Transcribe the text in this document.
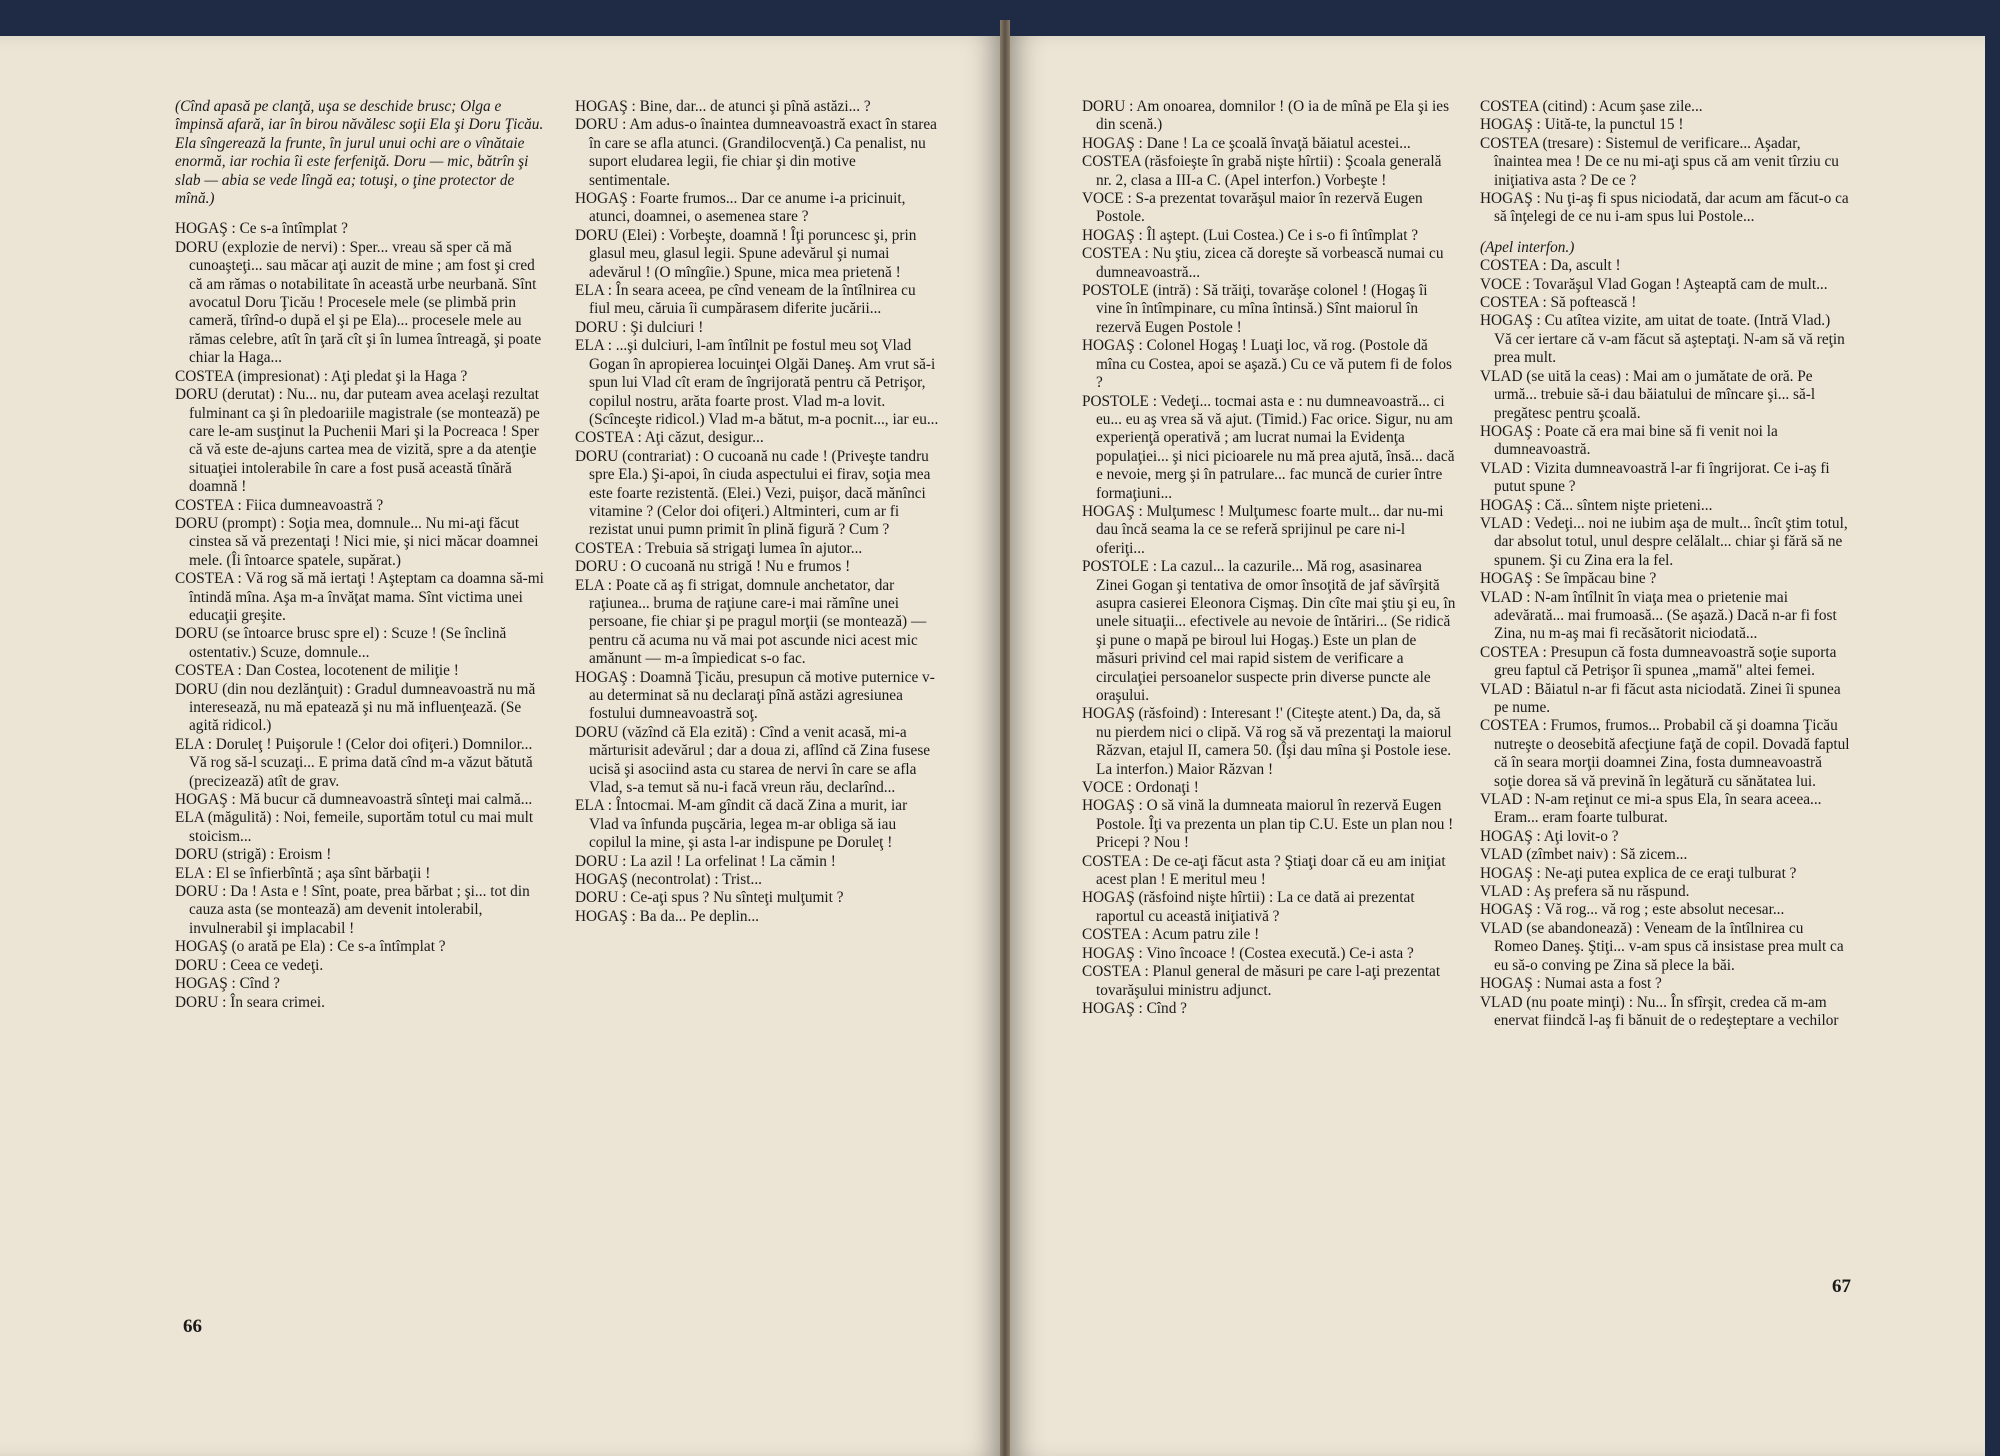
(Cînd apasă pe clanţă, uşa se deschide brusc; Olga e împinsă afară, iar în birou năvălesc soţii Ela şi Doru Ţicău. Ela sîngerează la frunte, în jurul unui ochi are o vînătaie enormă, iar rochia îi este ferfeniţă. Doru — mic, bătrîn şi slab — abia se vede lîngă ea; totuşi, o ţine protector de mînă.)

HOGAŞ : Ce s-a întîmplat ?

DORU (explozie de nervi) : Sper... vreau să sper că mă cunoaşteţi... sau măcar aţi auzit de mine ; am fost şi cred că am rămas o notabilitate în această urbe neurbană. Sînt avocatul Doru Ţicău ! Procesele mele (se plimbă prin cameră, tîrînd-o după el şi pe Ela)... procesele mele au rămas celebre, atît în ţară cît şi în lumea întreagă, şi poate chiar la Haga...

COSTEA (impresionat) : Aţi pledat şi la Haga ?

DORU (derutat) : Nu... nu, dar puteam avea acelaşi rezultat fulminant ca şi în pledoariile magistrale (se montează) pe care le-am susţinut la Puchenii Mari şi la Pocreaca ! Sper că vă este de-ajuns cartea mea de vizită, spre a da atenţie situaţiei intolerabile în care a fost pusă această tînără doamnă !

COSTEA : Fiica dumneavoastră ?

DORU (prompt) : Soţia mea, domnule... Nu mi-aţi făcut cinstea să vă prezentaţi ! Nici mie, şi nici măcar doamnei mele. (Îi întoarce spatele, supărat.)

COSTEA : Vă rog să mă iertaţi ! Aşteptam ca doamna să-mi întindă mîna. Aşa m-a învăţat mama. Sînt victima unei educaţii greşite.

DORU (se întoarce brusc spre el) : Scuze ! (Se înclină ostentativ.) Scuze, domnule...

COSTEA : Dan Costea, locotenent de miliţie !

DORU (din nou dezlănţuit) : Gradul dumneavoastră nu mă interesează, nu mă epatează şi nu mă influenţează. (Se agită ridicol.)

ELA : Doruleţ ! Puişorule ! (Celor doi ofiţeri.) Domnilor... Vă rog să-l scuzaţi... E prima dată cînd m-a văzut bătută (precizează) atît de grav.

HOGAŞ : Mă bucur că dumneavoastră sînteţi mai calmă...

ELA (măgulită) : Noi, femeile, suportăm totul cu mai mult stoicism...

DORU (strigă) : Eroism !

ELA : El se înfierbîntă ; aşa sînt bărbaţii !

DORU : Da ! Asta e ! Sînt, poate, prea bărbat ; şi... tot din cauza asta (se montează) am devenit intolerabil, invulnerabil şi implacabil !

HOGAŞ (o arată pe Ela) : Ce s-a întîmplat ?

DORU : Ceea ce vedeţi.

HOGAŞ : Cînd ?

DORU : În seara crimei.

HOGAŞ : Bine, dar... de atunci şi pînă astăzi... ?

DORU : Am adus-o înaintea dumneavoastră exact în starea în care se afla atunci. (Grandilocvenţă.) Ca penalist, nu suport eludarea legii, fie chiar şi din motive sentimentale.

HOGAŞ : Foarte frumos... Dar ce anume i-a pricinuit, atunci, doamnei, o asemenea stare ?

DORU (Elei) : Vorbeşte, doamnă ! Îţi poruncesc şi, prin glasul meu, glasul legii. Spune adevărul şi numai adevărul ! (O mîngîie.) Spune, mica mea prietenă !

ELA : În seara aceea, pe cînd veneam de la întîlnirea cu fiul meu, căruia îi cumpărasem diferite jucării...

DORU : Şi dulciuri !

ELA : ...şi dulciuri, l-am întîlnit pe fostul meu soţ Vlad Gogan în apropierea locuinţei Olgăi Daneş. Am vrut să-i spun lui Vlad cît eram de îngrijorată pentru că Petrişor, copilul nostru, arăta foarte prost. Vlad m-a lovit. (Scînceşte ridicol.) Vlad m-a bătut, m-a pocnit..., iar eu...

COSTEA : Aţi căzut, desigur...

DORU (contrariat) : O cucoană nu cade ! (Priveşte tandru spre Ela.) Şi-apoi, în ciuda aspectului ei firav, soţia mea este foarte rezistentă. (Elei.) Vezi, puişor, dacă mănînci vitamine ? (Celor doi ofiţeri.) Altminteri, cum ar fi rezistat unui pumn primit în plină figură ? Cum ?

COSTEA : Trebuia să strigaţi lumea în ajutor...

DORU : O cucoană nu strigă ! Nu e frumos !

ELA : Poate că aş fi strigat, domnule anchetator, dar raţiunea... bruma de raţiune care-i mai rămîne unei persoane, fie chiar şi pe pragul morţii (se montează) — pentru că acuma nu vă mai pot ascunde nici acest mic amănunt — m-a împiedicat s-o fac.

HOGAŞ : Doamnă Ţicău, presupun că motive puternice v-au determinat să nu declaraţi pînă astăzi agresiunea fostului dumneavoastră soţ.

DORU (văzînd că Ela ezită) : Cînd a venit acasă, mi-a mărturisit adevărul ; dar a doua zi, aflînd că Zina fusese ucisă şi asociind asta cu starea de nervi în care se afla Vlad, s-a temut să nu-i facă vreun rău, declarînd...

ELA : Întocmai. M-am gîndit că dacă Zina a murit, iar Vlad va înfunda puşcăria, legea m-ar obliga să iau copilul la mine, şi asta l-ar indispune pe Doruleţ !

DORU : La azil ! La orfelinat ! La cămin !

HOGAŞ (necontrolat) : Trist...

DORU : Ce-aţi spus ? Nu sînteţi mulţumit ?

HOGAŞ : Ba da... Pe deplin...

66

DORU : Am onoarea, domnilor ! (O ia de mînă pe Ela şi ies din scenă.)

HOGAŞ : Dane ! La ce şcoală învaţă băiatul acestei...

COSTEA (răsfoieşte în grabă nişte hîrtii) : Şcoala generală nr. 2, clasa a III-a C. (Apel interfon.) Vorbeşte !

VOCE : S-a prezentat tovarăşul maior în rezervă Eugen Postole.

HOGAŞ : Îl aştept. (Lui Costea.) Ce i s-o fi întîmplat ?

COSTEA : Nu ştiu, zicea că doreşte să vorbească numai cu dumneavoastră...

POSTOLE (intră) : Să trăiţi, tovarăşe colonel ! (Hogaş îi vine în întîmpinare, cu mîna întinsă.) Sînt maiorul în rezervă Eugen Postole !

HOGAŞ : Colonel Hogaş ! Luaţi loc, vă rog. (Postole dă mîna cu Costea, apoi se aşază.) Cu ce vă putem fi de folos ?

POSTOLE : Vedeţi... tocmai asta e : nu dumneavoastră... ci eu... eu aş vrea să vă ajut. (Timid.) Fac orice. Sigur, nu am experienţă operativă ; am lucrat numai la Evidenţa populaţiei... şi nici picioarele nu mă prea ajută, însă... dacă e nevoie, merg şi în patrulare... fac muncă de curier între formaţiuni...

HOGAŞ : Mulţumesc ! Mulţumesc foarte mult... dar nu-mi dau încă seama la ce se referă sprijinul pe care ni-l oferiţi...

POSTOLE : La cazul... la cazurile... Mă rog, asasinarea Zinei Gogan şi tentativa de omor însoţită de jaf săvîrşită asupra casierei Eleonora Cişmaş. Din cîte mai ştiu şi eu, în unele situaţii... efectivele au nevoie de întăriri... (Se ridică şi pune o mapă pe biroul lui Hogaş.) Este un plan de măsuri privind cel mai rapid sistem de verificare a circulaţiei persoanelor suspecte prin diverse puncte ale oraşului.

HOGAŞ (răsfoind) : Interesant !' (Citeşte atent.) Da, da, să nu pierdem nici o clipă. Vă rog să vă prezentaţi la maiorul Răzvan, etajul II, camera 50. (Îşi dau mîna şi Postole iese. La interfon.) Maior Răzvan !

VOCE : Ordonaţi !

HOGAŞ : O să vină la dumneata maiorul în rezervă Eugen Postole. Îţi va prezenta un plan tip C.U. Este un plan nou ! Pricepi ? Nou !

COSTEA : De ce-aţi făcut asta ? Ştiaţi doar că eu am iniţiat acest plan ! E meritul meu !

HOGAŞ (răsfoind nişte hîrtii) : La ce dată ai prezentat raportul cu această iniţiativă ?

COSTEA : Acum patru zile !

HOGAŞ : Vino încoace ! (Costea execută.) Ce-i asta ?

COSTEA : Planul general de măsuri pe care l-aţi prezentat tovarăşului ministru adjunct.

HOGAŞ : Cînd ?

COSTEA (citind) : Acum şase zile...

HOGAŞ : Uită-te, la punctul 15 !

COSTEA (tresare) : Sistemul de verificare... Aşadar, înaintea mea ! De ce nu mi-aţi spus că am venit tîrziu cu iniţiativa asta ? De ce ?

HOGAŞ : Nu ţi-aş fi spus niciodată, dar acum am făcut-o ca să înţelegi de ce nu i-am spus lui Postole...

(Apel interfon.)

COSTEA : Da, ascult !

VOCE : Tovarăşul Vlad Gogan ! Aşteaptă cam de mult...

COSTEA : Să poftească !

HOGAŞ : Cu atîtea vizite, am uitat de toate. (Intră Vlad.) Vă cer iertare că v-am făcut să aşteptaţi. N-am să vă reţin prea mult.

VLAD (se uită la ceas) : Mai am o jumătate de oră. Pe urmă... trebuie să-i dau băiatului de mîncare şi... să-l pregătesc pentru şcoală.

HOGAŞ : Poate că era mai bine să fi venit noi la dumneavoastră.

VLAD : Vizita dumneavoastră l-ar fi îngrijorat. Ce i-aş fi putut spune ?

HOGAŞ : Că... sîntem nişte prieteni...

VLAD : Vedeţi... noi ne iubim aşa de mult... încît ştim totul, dar absolut totul, unul despre celălalt... chiar şi fără să ne spunem. Şi cu Zina era la fel.

HOGAŞ : Se împăcau bine ?

VLAD : N-am întîlnit în viaţa mea o prietenie mai adevărată... mai frumoasă... (Se aşază.) Dacă n-ar fi fost Zina, nu m-aş mai fi recăsătorit niciodată...

COSTEA : Presupun că fosta dumneavoastră soţie suporta greu faptul că Petrişor îi spunea „mamă" altei femei.

VLAD : Băiatul n-ar fi făcut asta niciodată. Zinei îi spunea pe nume.

COSTEA : Frumos, frumos... Probabil că şi doamna Ţicău nutreşte o deosebită afecţiune faţă de copil. Dovadă faptul că în seara morţii doamnei Zina, fosta dumneavoastră soţie dorea să vă prevină în legătură cu sănătatea lui.

VLAD : N-am reţinut ce mi-a spus Ela, în seara aceea... Eram... eram foarte tulburat.

HOGAŞ : Aţi lovit-o ?

VLAD (zîmbet naiv) : Să zicem...

HOGAŞ : Ne-aţi putea explica de ce eraţi tulburat ?

VLAD : Aş prefera să nu răspund.

HOGAŞ : Vă rog... vă rog ; este absolut necesar...

VLAD (se abandonează) : Veneam de la întîlnirea cu Romeo Daneş. Ştiţi... v-am spus că insistase prea mult ca eu să-o conving pe Zina să plece la băi.

HOGAŞ : Numai asta a fost ?

VLAD (nu poate minţi) : Nu... În sfîrşit, credea că m-am enervat fiindcă l-aş fi bănuit de o redeşteptare a vechilor

67
